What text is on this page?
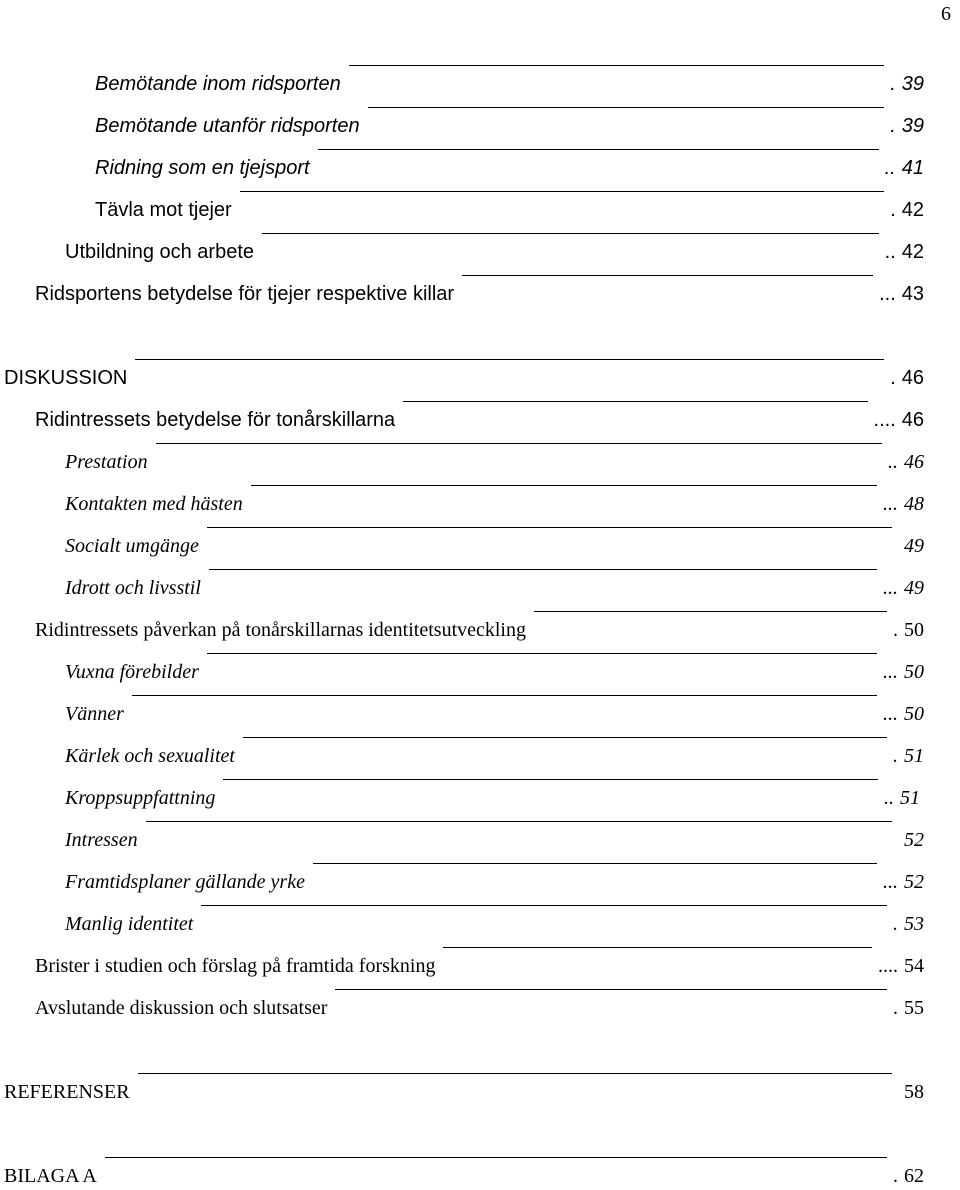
6
Bemötande inom ridsporten	. 39
Bemötande utanför ridsporten	. 39
Ridning som en tjejsport	.. 41
Tävla mot tjejer	. 42
Utbildning och arbete	.. 42
Ridsportens betydelse för tjejer respektive killar	... 43
DISKUSSION	. 46
Ridintressets betydelse för tonårskillarna	.... 46
Prestation	.. 46
Kontakten med hästen	... 48
Socialt umgänge	49
Idrott och livsstil	... 49
Ridintressets påverkan på tonårskillarnas identitetsutveckling	. 50
Vuxna förebilder	... 50
Vänner	... 50
Kärlek och sexualitet	. 51
Kroppsuppfattning	.. 51
Intressen	52
Framtidsplaner gällande yrke	... 52
Manlig identitet	. 53
Brister i studien och förslag på framtida forskning	.... 54
Avslutande diskussion och slutsatser	. 55
REFERENSER	58
BILAGA A	. 62
